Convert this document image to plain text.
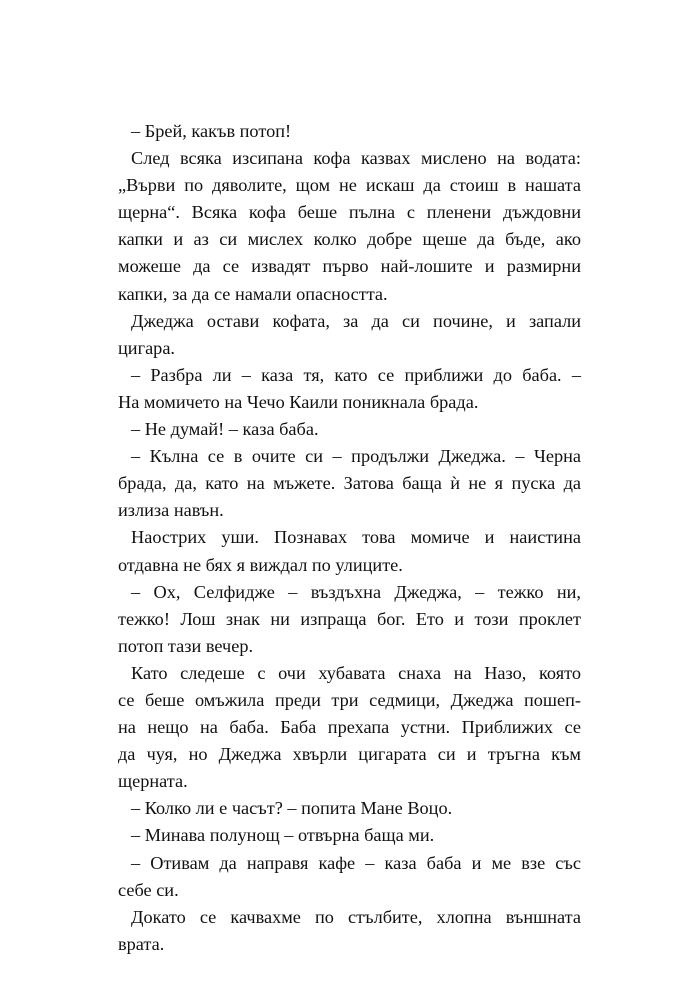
– Брей, какъв потоп!
След всяка изсипана кофа казвах мислено на водата:
„Върви по дяволите, щом не искаш да стоиш в нашата
щерна“. Всяка кофа беше пълна с пленени дъждовни
капки и аз си мислех колко добре щеше да бъде, ако
можеше да се извадят първо най-лошите и размирни
капки, за да се намали опасността.
Джеджа остави кофата, за да си почине, и запали
цигара.
– Разбра ли – каза тя, като се приближи до баба. –
На момичето на Чечо Каили поникнала брада.
– Не думай! – каза баба.
– Кълна се в очите си – продължи Джеджа. – Черна
брада, да, като на мъжете. Затова баща ѝ не я пуска да
излиза навън.
Наострих уши. Познавах това момиче и наистина
отдавна не бях я виждал по улиците.
– Ох, Селфидже – въздъхна Джеджа, – тежко ни,
тежко! Лош знак ни изпраща бог. Ето и този проклет
потоп тази вечер.
Като следеше с очи хубавата снаха на Назо, която
се беше омъжила преди три седмици, Джеджа пошеп-
на нещо на баба. Баба прехапа устни. Приближих се
да чуя, но Джеджа хвърли цигарата си и тръгна към
щерната.
– Колко ли е часът? – попита Мане Воцо.
– Минава полунощ – отвърна баща ми.
– Отивам да направя кафе – каза баба и ме взе със
себе си.
Докато се качвахме по стълбите, хлопна външната
врата.
